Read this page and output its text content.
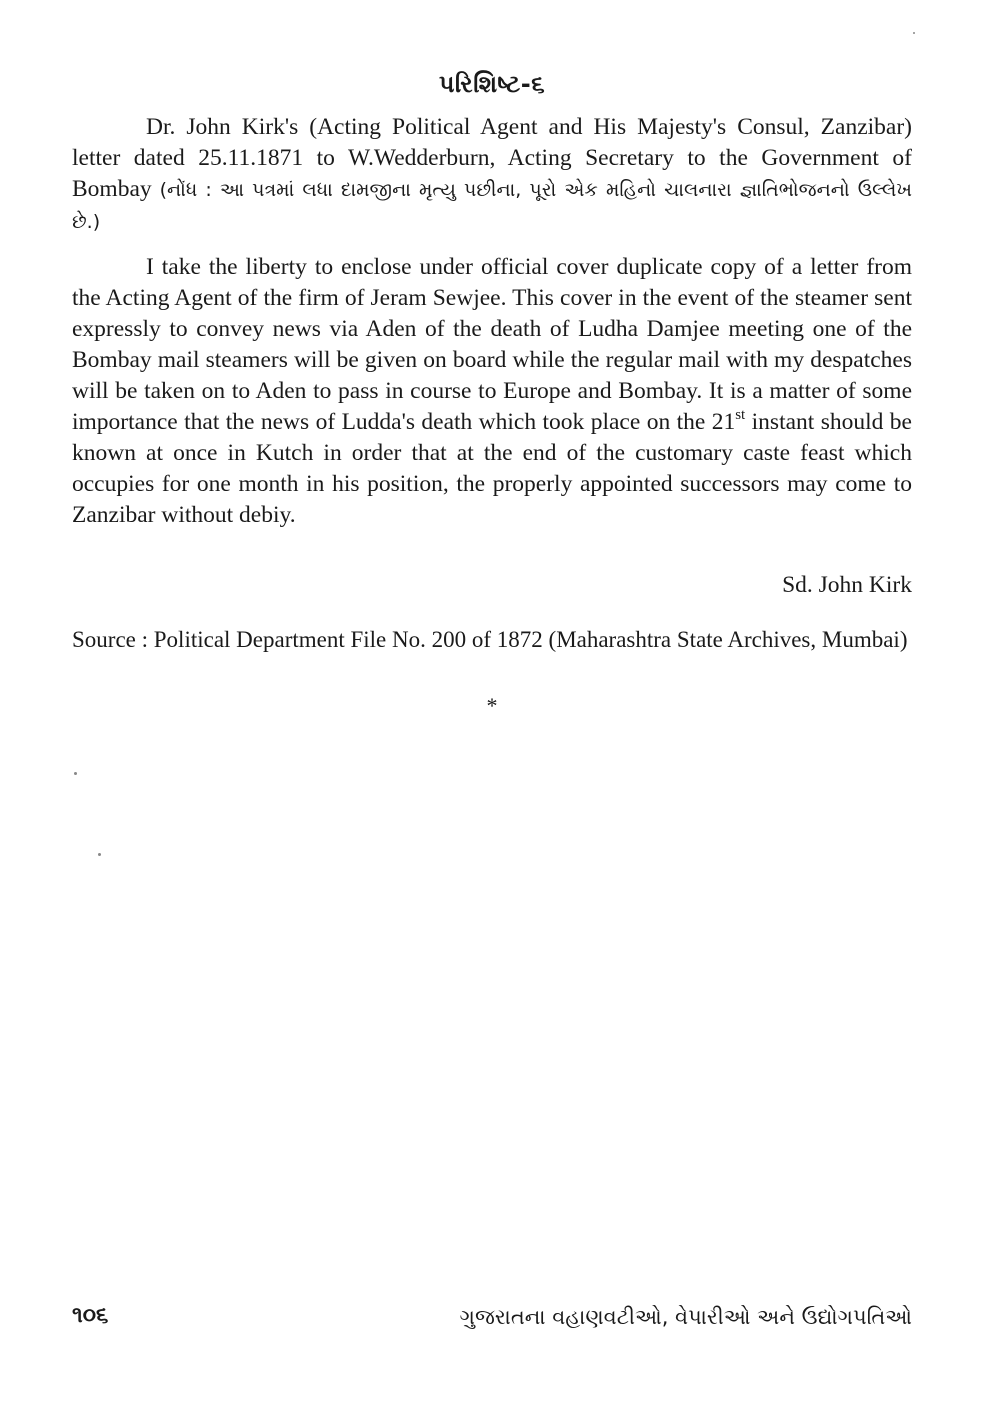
પરિશિષ્ટ-૬

Dr. John Kirk's (Acting Political Agent and His Majesty's Consul, Zanzibar) letter dated 25.11.1871 to W.Wedderburn, Acting Secretary to the Government of Bombay (નોંધ : આ પત્રમાં લધા દામજીના મૃત્યુ પછીના, પૂરો એક મહિનો ચાલનારા જ્ઞાતિભોજનનો ઉલ્લેખ છે.)

I take the liberty to enclose under official cover duplicate copy of a letter from the Acting Agent of the firm of Jeram Sewjee. This cover in the event of the steamer sent expressly to convey news via Aden of the death of Ludha Damjee meeting one of the Bombay mail steamers will be given on board while the regular mail with my despatches will be taken on to Aden to pass in course to Europe and Bombay. It is a matter of some importance that the news of Ludda's death which took place on the 21st instant should be known at once in Kutch in order that at the end of the customary caste feast which occupies for one month in his position, the properly appointed successors may come to Zanzibar without debiy.

Sd. John Kirk

Source : Political Department File No. 200 of 1872 (Maharashtra State Archives, Mumbai)

*
૧૦૬	ગુજરાતના વહાણવટીઓ, વેપારીઓ અને ઉદ્યોગપતિઓ
